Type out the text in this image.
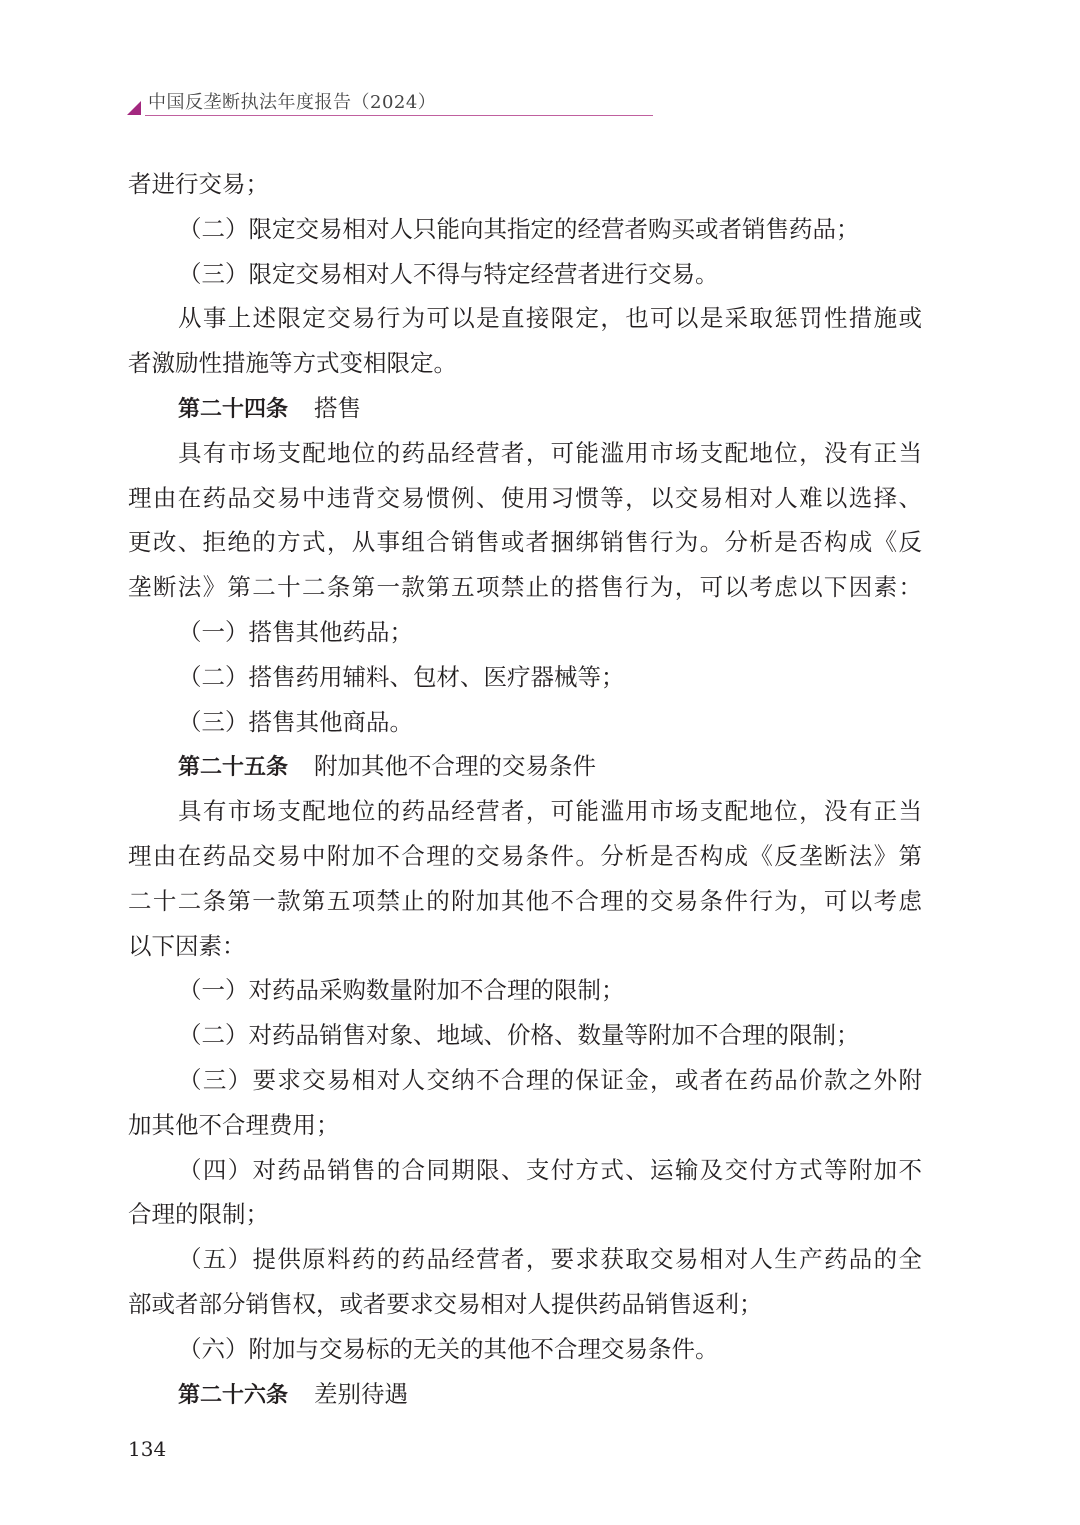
中国反垄断执法年度报告（2024）
者进行交易；
（二）限定交易相对人只能向其指定的经营者购买或者销售药品；
（三）限定交易相对人不得与特定经营者进行交易。
从事上述限定交易行为可以是直接限定，也可以是采取惩罚性措施或
者激励性措施等方式变相限定。
第二十四条 搭售
具有市场支配地位的药品经营者，可能滥用市场支配地位，没有正当
理由在药品交易中违背交易惯例、使用习惯等，以交易相对人难以选择、
更改、拒绝的方式，从事组合销售或者捆绑销售行为。分析是否构成《反
垄断法》第二十二条第一款第五项禁止的搭售行为，可以考虑以下因素：
（一）搭售其他药品；
（二）搭售药用辅料、包材、医疗器械等；
（三）搭售其他商品。
第二十五条 附加其他不合理的交易条件
具有市场支配地位的药品经营者，可能滥用市场支配地位，没有正当
理由在药品交易中附加不合理的交易条件。分析是否构成《反垄断法》第
二十二条第一款第五项禁止的附加其他不合理的交易条件行为，可以考虑
以下因素：
（一）对药品采购数量附加不合理的限制；
（二）对药品销售对象、地域、价格、数量等附加不合理的限制；
（三）要求交易相对人交纳不合理的保证金，或者在药品价款之外附
加其他不合理费用；
（四）对药品销售的合同期限、支付方式、运输及交付方式等附加不
合理的限制；
（五）提供原料药的药品经营者，要求获取交易相对人生产药品的全
部或者部分销售权，或者要求交易相对人提供药品销售返利；
（六）附加与交易标的无关的其他不合理交易条件。
第二十六条 差别待遇
134
